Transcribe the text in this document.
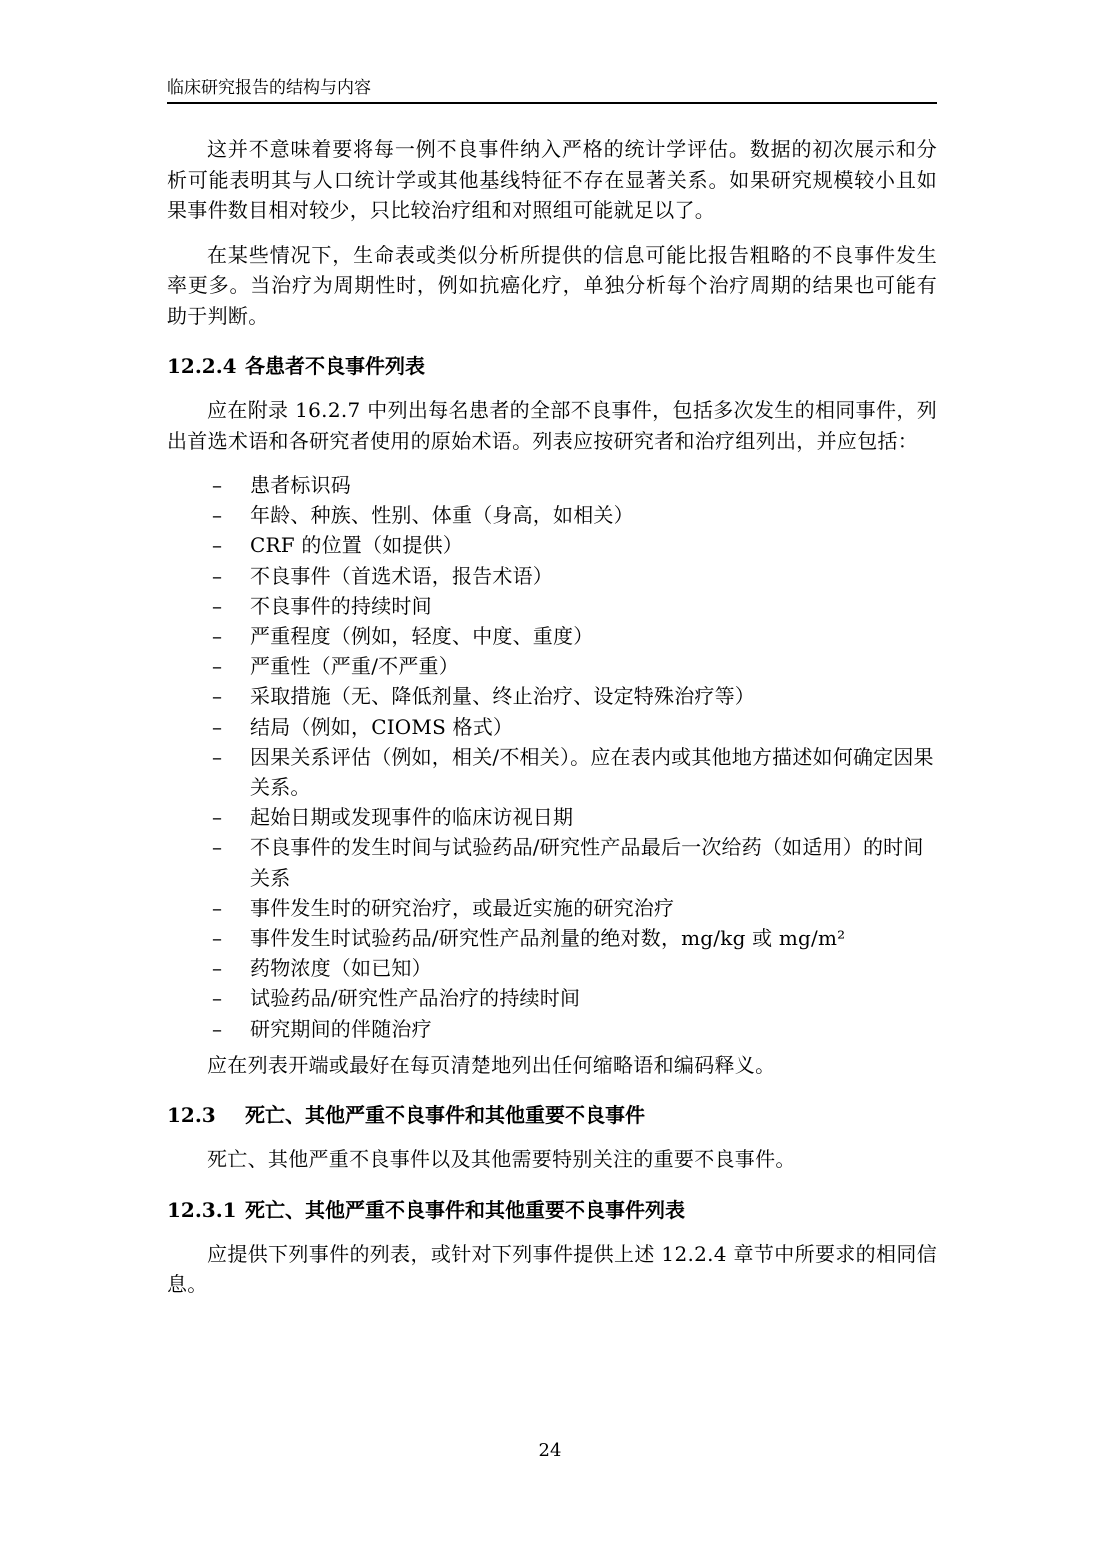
临床研究报告的结构与内容

这并不意味着要将每一例不良事件纳入严格的统计学评估。数据的初次展示和分析可能表明其与人口统计学或其他基线特征不存在显著关系。如果研究规模较小且如果事件数目相对较少，只比较治疗组和对照组可能就足以了。

在某些情况下，生命表或类似分析所提供的信息可能比报告粗略的不良事件发生率更多。当治疗为周期性时，例如抗癌化疗，单独分析每个治疗周期的结果也可能有助于判断。

12.2.4 各患者不良事件列表

应在附录 16.2.7 中列出每名患者的全部不良事件，包括多次发生的相同事件，列出首选术语和各研究者使用的原始术语。列表应按研究者和治疗组列出，并应包括：

–	患者标识码
–	年龄、种族、性别、体重（身高，如相关）
–	CRF 的位置（如提供）
–	不良事件（首选术语，报告术语）
–	不良事件的持续时间
–	严重程度（例如，轻度、中度、重度）
–	严重性（严重/不严重）
–	采取措施（无、降低剂量、终止治疗、设定特殊治疗等）
–	结局（例如，CIOMS 格式）
–	因果关系评估（例如，相关/不相关）。应在表内或其他地方描述如何确定因果关系。
–	起始日期或发现事件的临床访视日期
–	不良事件的发生时间与试验药品/研究性产品最后一次给药（如适用）的时间关系
–	事件发生时的研究治疗，或最近实施的研究治疗
–	事件发生时试验药品/研究性产品剂量的绝对数，mg/kg 或 mg/m²
–	药物浓度（如已知）
–	试验药品/研究性产品治疗的持续时间
–	研究期间的伴随治疗

应在列表开端或最好在每页清楚地列出任何缩略语和编码释义。

12.3	死亡、其他严重不良事件和其他重要不良事件

死亡、其他严重不良事件以及其他需要特别关注的重要不良事件。

12.3.1 死亡、其他严重不良事件和其他重要不良事件列表

应提供下列事件的列表，或针对下列事件提供上述 12.2.4 章节中所要求的相同信息。

24
